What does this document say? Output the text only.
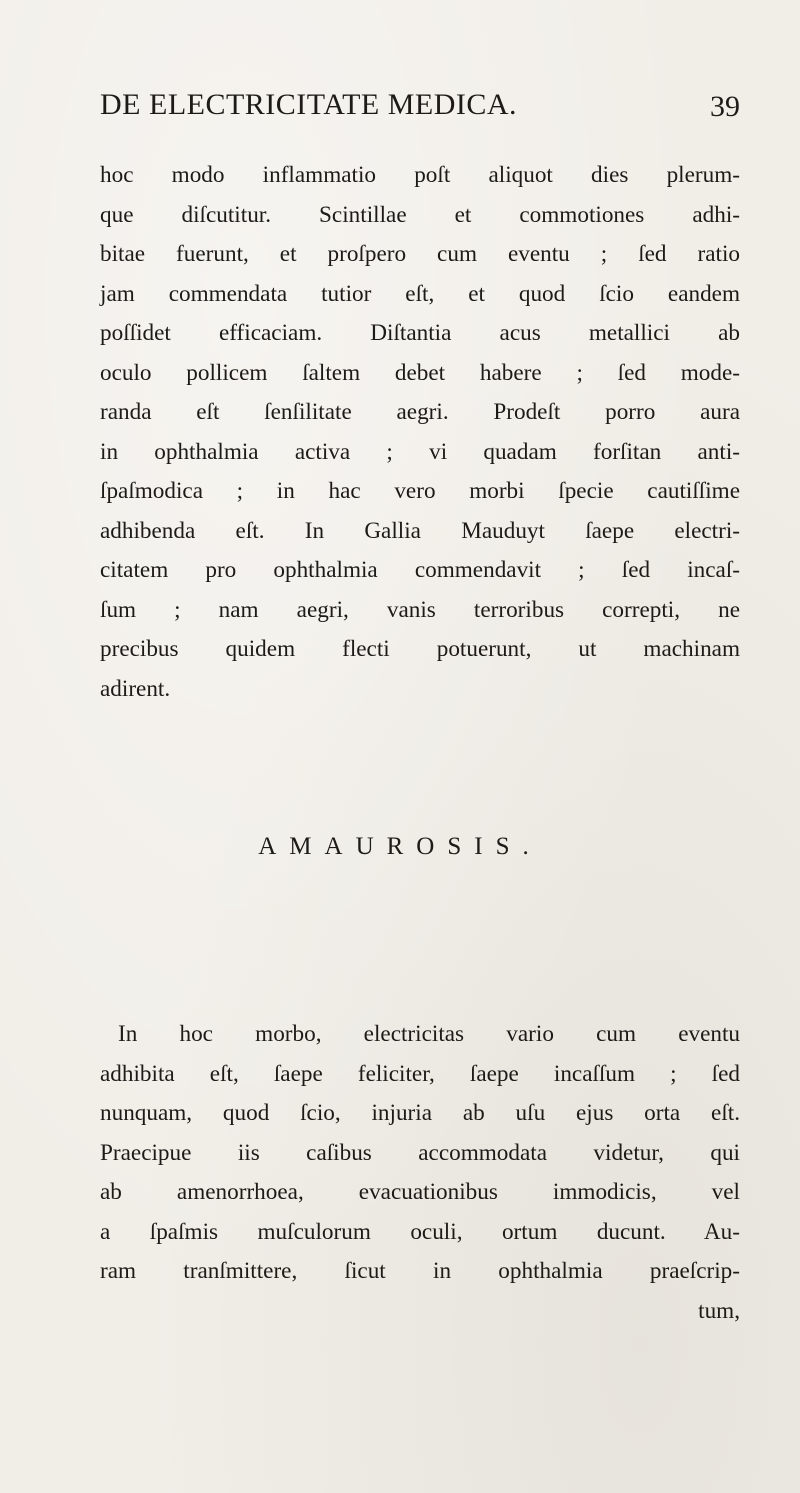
DE ELECTRICITATE MEDICA.	39
hoc modo inflammatio poſt aliquot dies plerum-
que diſcutitur. Scintillae et commotiones adhi-
bitae fuerunt, et proſpero cum eventu ; ſed ratio
jam commendata tutior eſt, et quod ſcio eandem
poſſidet efficaciam. Diſtantia acus metallici ab
oculo pollicem ſaltem debet habere ; ſed mode-
randa eſt ſenſilitate aegri. Prodeſt porro aura
in ophthalmia activa ; vi quadam forſitan anti-
ſpaſmodica ; in hac vero morbi ſpecie cautiſſime
adhibenda eſt. In Gallia Mauduyt ſaepe electri-
citatem pro ophthalmia commendavit ; ſed incaſ-
ſum ; nam aegri, vanis terroribus correpti, ne
precibus quidem flecti potuerunt, ut machinam
adirent.
AMAUROSIS.
In hoc morbo, electricitas vario cum eventu
adhibita eſt, ſaepe feliciter, ſaepe incaſſum ; ſed
nunquam, quod ſcio, injuria ab uſu ejus orta eſt.
Praecipue iis caſibus accommodata videtur, qui
ab amenorrhoea, evacuationibus immodicis, vel
a ſpaſmis muſculorum oculi, ortum ducunt. Au-
ram tranſmittere, ſicut in ophthalmia praeſcrip-
tum,
